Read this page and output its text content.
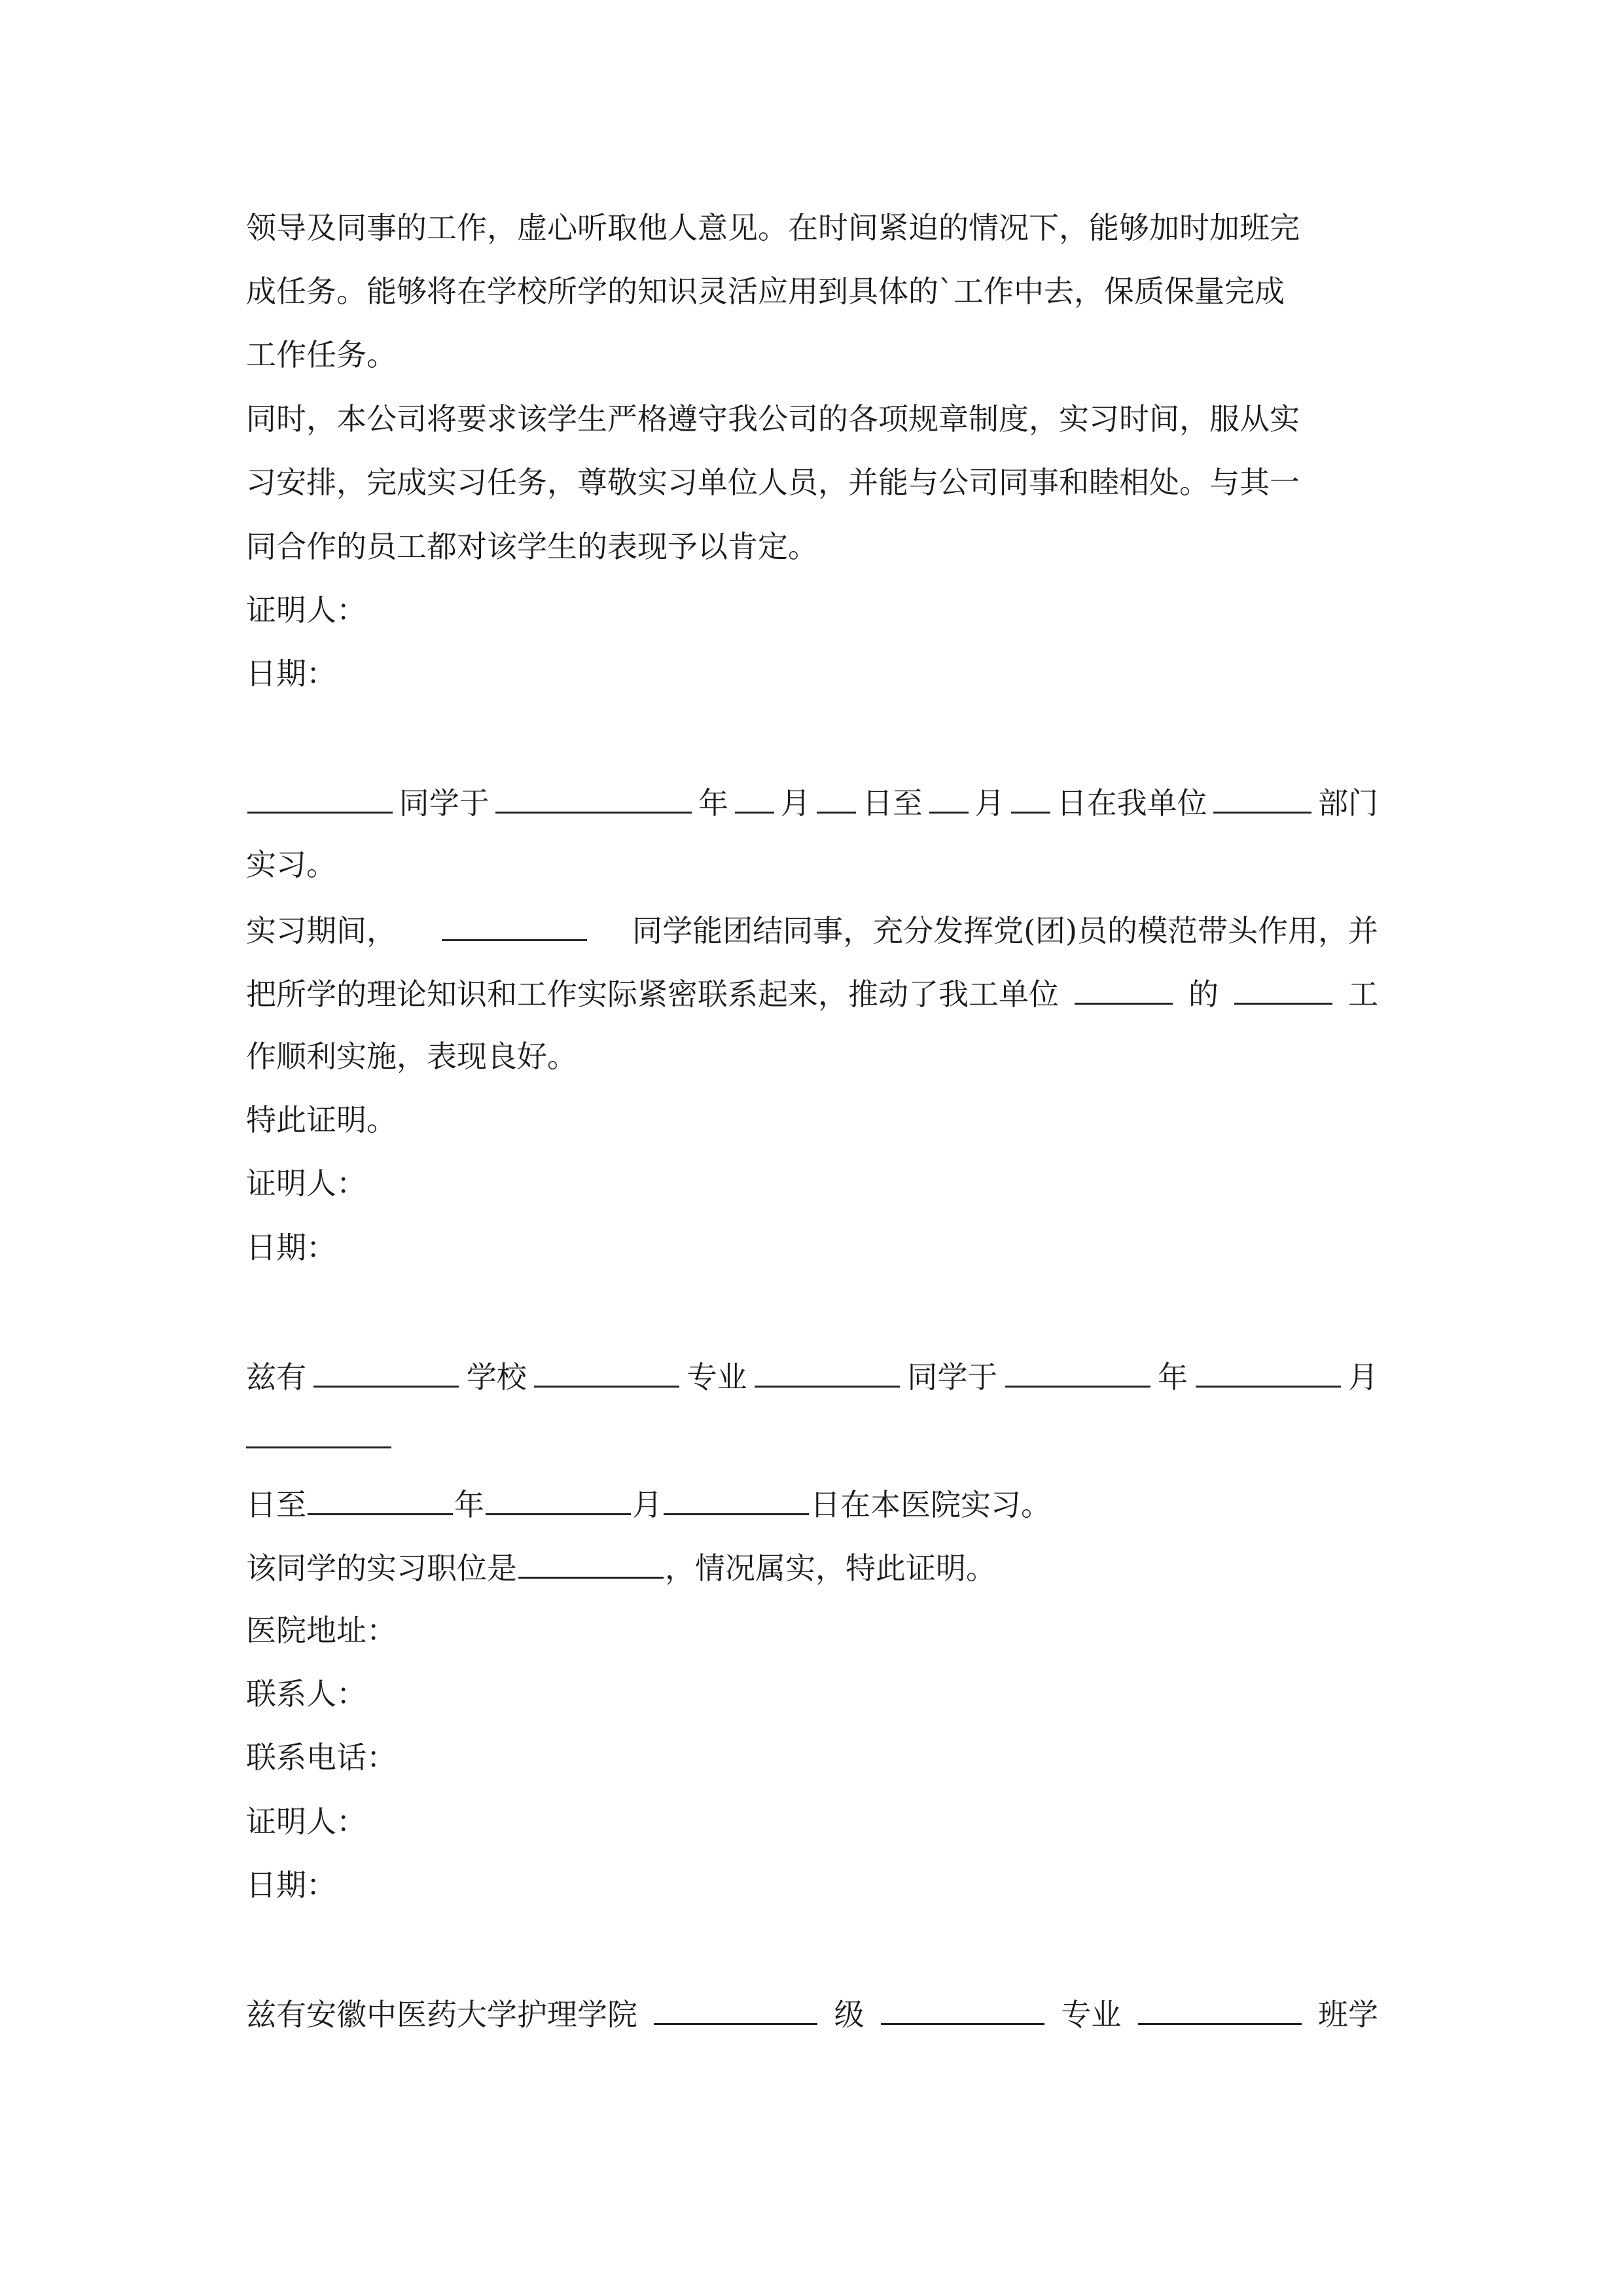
领导及同事的工作，虚心听取他人意见。在时间紧迫的情况下，能够加时加班完
成任务。能够将在学校所学的知识灵活应用到具体的`工作中去，保质保量完成
工作任务。
同时，本公司将要求该学生严格遵守我公司的各项规章制度，实习时间，服从实
习安排，完成实习任务，尊敬实习单位人员，并能与公司同事和睦相处。与其一
同合作的员工都对该学生的表现予以肯定。
证明人：
日期：
同学于	年 月 日至 月 日在我单位	部门
实习。
实习期间，	同学能团结同事，充分发挥党(团)员的模范带头作用，并
把所学的理论知识和工作实际紧密联系起来，推动了我工单位	的	工
作顺利实施，表现良好。
特此证明。
证明人：
日期：
兹有	学校	专业	同学于	年	月
日至	年	月	日在本医院实习。
该同学的实习职位是	，情况属实，特此证明。
医院地址：
联系人：
联系电话：
证明人：
日期：
兹有安徽中医药大学护理学院	级	专业	班学
